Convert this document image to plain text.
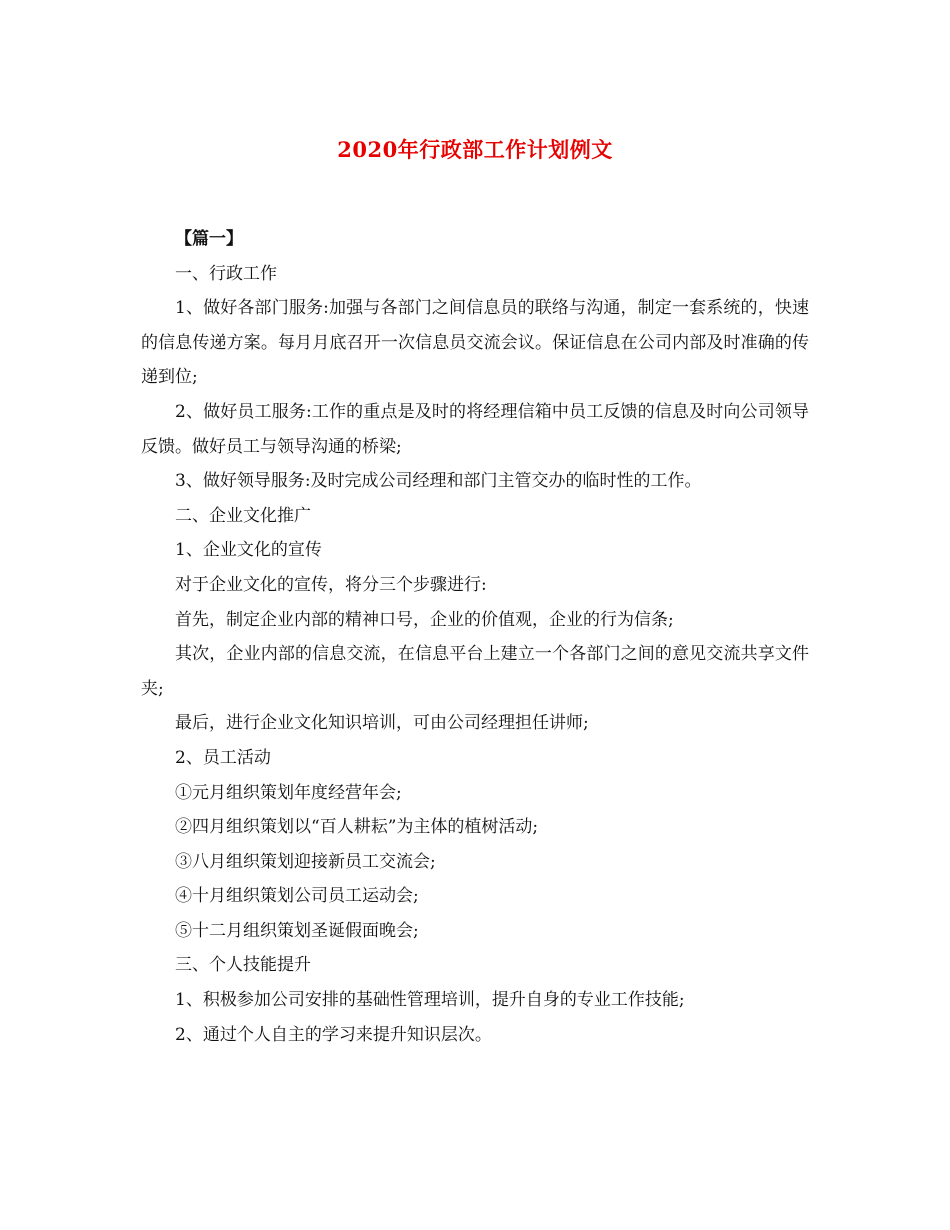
2020年行政部工作计划例文

【篇一】

一、行政工作

1、做好各部门服务:加强与各部门之间信息员的联络与沟通，制定一套系统的，快速的信息传递方案。每月月底召开一次信息员交流会议。保证信息在公司内部及时准确的传递到位;

2、做好员工服务:工作的重点是及时的将经理信箱中员工反馈的信息及时向公司领导反馈。做好员工与领导沟通的桥梁;

3、做好领导服务:及时完成公司经理和部门主管交办的临时性的工作。

二、企业文化推广

1、企业文化的宣传

对于企业文化的宣传，将分三个步骤进行:

首先，制定企业内部的精神口号，企业的价值观，企业的行为信条;

其次，企业内部的信息交流，在信息平台上建立一个各部门之间的意见交流共享文件夹;

最后，进行企业文化知识培训，可由公司经理担任讲师;

2、员工活动

①元月组织策划年度经营年会;

②四月组织策划以“百人耕耘”为主体的植树活动;

③八月组织策划迎接新员工交流会;

④十月组织策划公司员工运动会;

⑤十二月组织策划圣诞假面晚会;

三、个人技能提升

1、积极参加公司安排的基础性管理培训，提升自身的专业工作技能;

2、通过个人自主的学习来提升知识层次。
